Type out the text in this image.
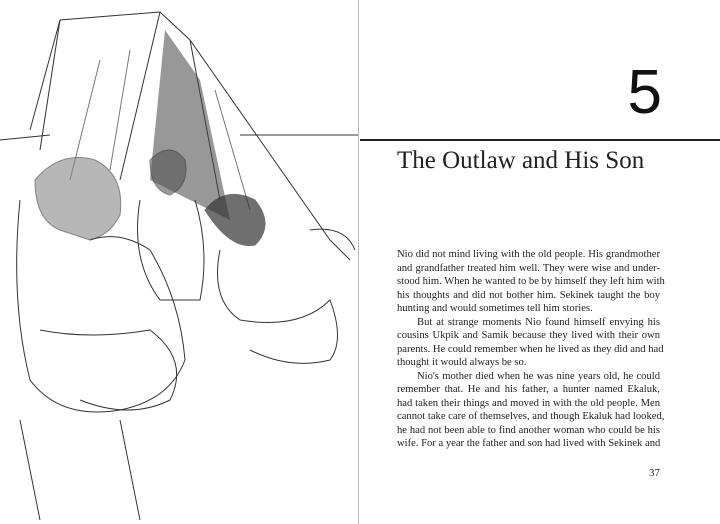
5
The Outlaw and His Son
Nio did not mind living with the old people. His grandmother
and grandfather treated him well. They were wise and under-
stood him. When he wanted to be by himself they left him with
his thoughts and did not bother him. Sekinek taught the boy
hunting and would sometimes tell him stories.
But at strange moments Nio found himself envying his
cousins Ukpik and Samik because they lived with their own
parents. He could remember when he lived as they did and had
thought it would always be so.
Nio's mother died when he was nine years old, he could
remember that. He and his father, a hunter named Ekaluk,
had taken their things and moved in with the old people. Men
cannot take care of themselves, and though Ekaluk had looked,
he had not been able to find another woman who could be his
wife. For a year the father and son had lived with Sekinek and
37
